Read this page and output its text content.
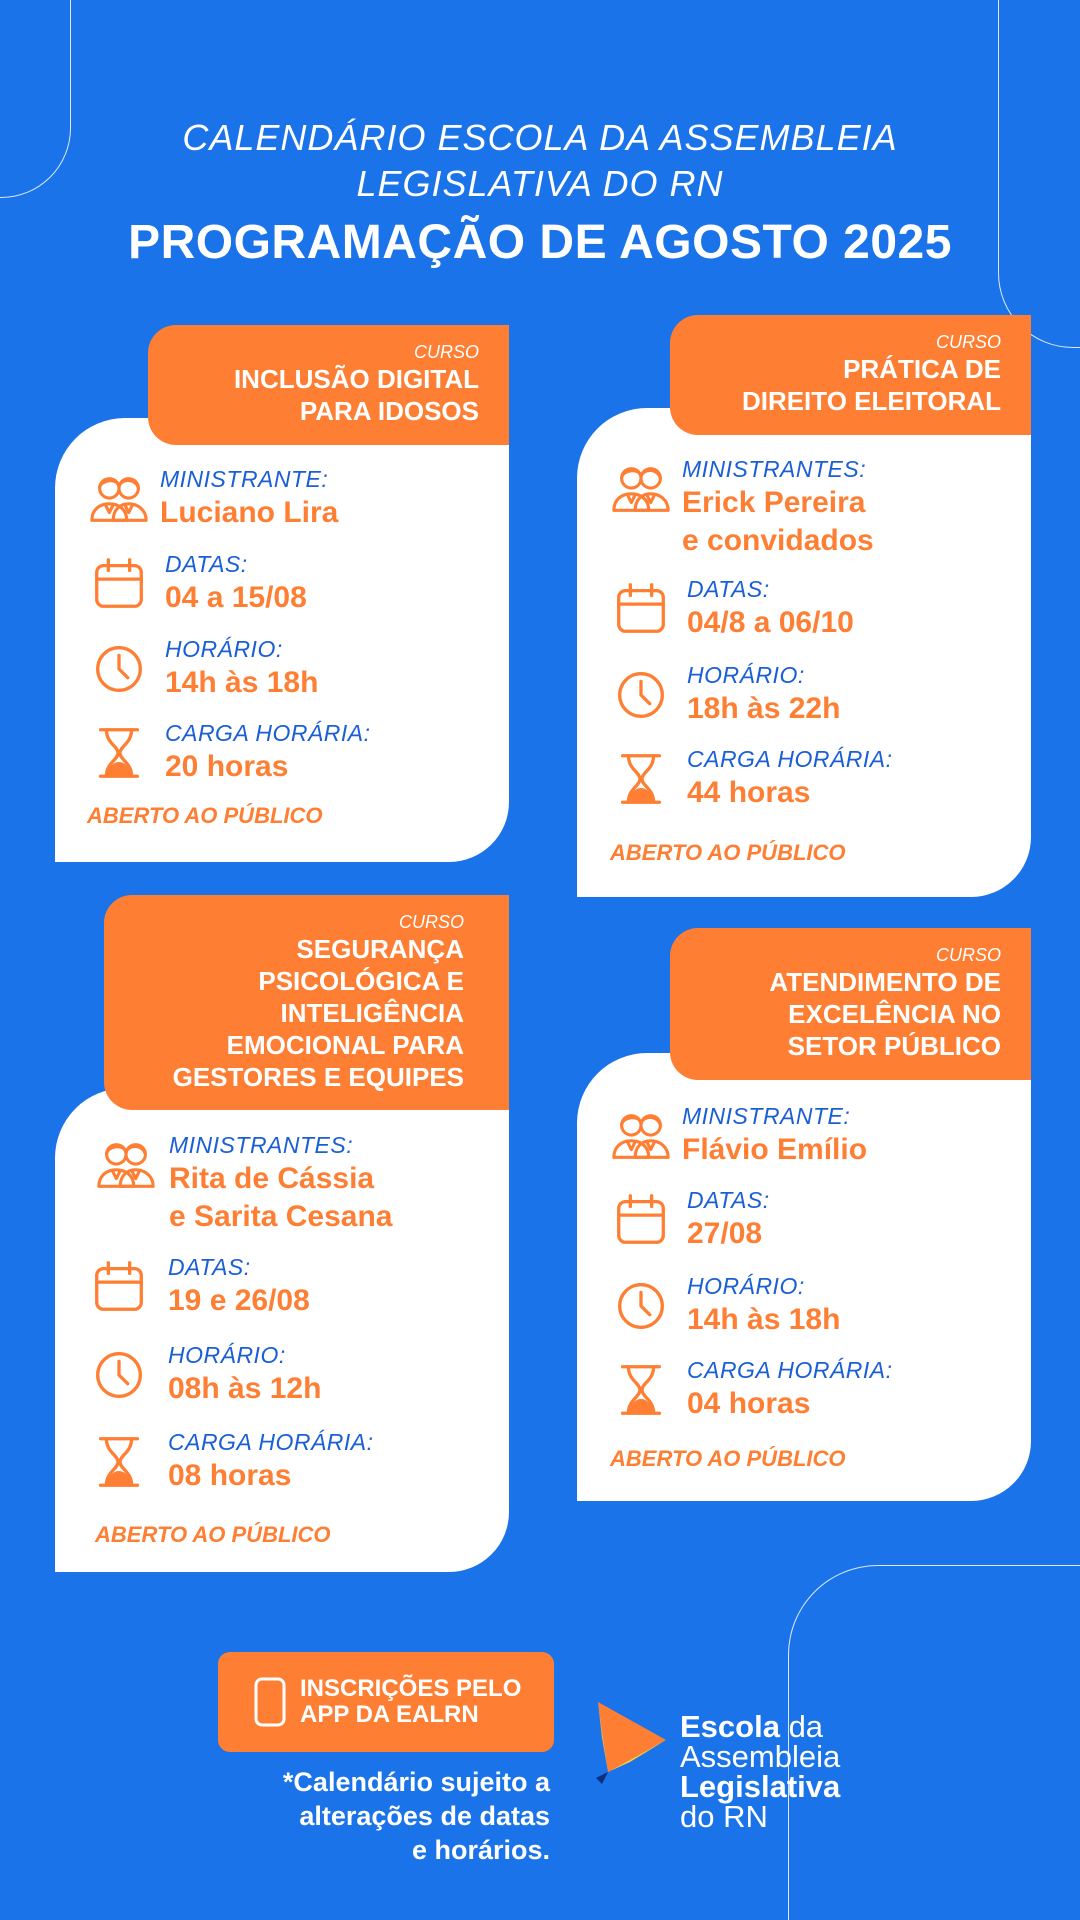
CALENDÁRIO ESCOLA DA ASSEMBLEIA
LEGISLATIVA DO RN
PROGRAMAÇÃO DE AGOSTO 2025
CURSO
INCLUSÃO DIGITAL
PARA IDOSOS
MINISTRANTE:
Luciano Lira
DATAS:
04 a 15/08
HORÁRIO:
14h às 18h
CARGA HORÁRIA:
20 horas
ABERTO AO PÚBLICO
CURSO
PRÁTICA DE
DIREITO ELEITORAL
MINISTRANTES:
Erick Pereira
e convidados
DATAS:
04/8 a 06/10
HORÁRIO:
18h às 22h
CARGA HORÁRIA:
44 horas
ABERTO AO PÚBLICO
CURSO
SEGURANÇA
PSICOLÓGICA E
INTELIGÊNCIA
EMOCIONAL PARA
GESTORES E EQUIPES
MINISTRANTES:
Rita de Cássia
e Sarita Cesana
DATAS:
19 e 26/08
HORÁRIO:
08h às 12h
CARGA HORÁRIA:
08 horas
ABERTO AO PÚBLICO
CURSO
ATENDIMENTO DE
EXCELÊNCIA NO
SETOR PÚBLICO
MINISTRANTE:
Flávio Emílio
DATAS:
27/08
HORÁRIO:
14h às 18h
CARGA HORÁRIA:
04 horas
ABERTO AO PÚBLICO
INSCRIÇÕES PELO
APP DA EALRN
*Calendário sujeito a
alterações de datas
e horários.
Escola da
Assembleia
Legislativa
do RN
